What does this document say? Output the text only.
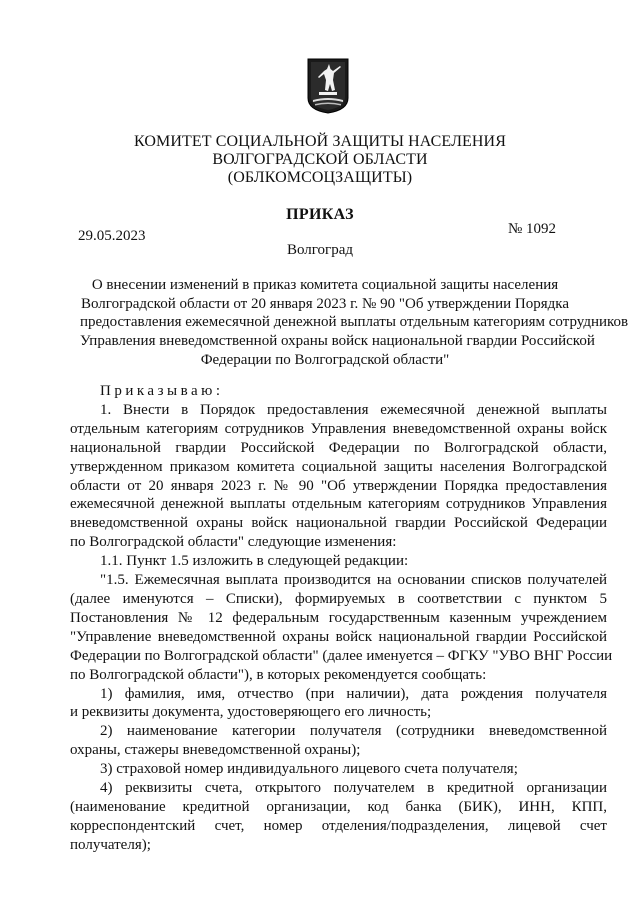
КОМИТЕТ СОЦИАЛЬНОЙ ЗАЩИТЫ НАСЕЛЕНИЯ
ВОЛГОГРАДСКОЙ ОБЛАСТИ
(ОБЛКОМСОЦЗАЩИТЫ)
ПРИКАЗ
29.05.2023	№ 1092
Волгоград
О внесении изменений в приказ комитета социальной защиты населения
Волгоградской области от 20 января 2023 г. № 90 "Об утверждении Порядка
предоставления ежемесячной денежной выплаты отдельным категориям сотрудников
Управления вневедомственной охраны войск национальной гвардии Российской
Федерации по Волгоградской области"
Приказываю:
1. Внести в Порядок предоставления ежемесячной денежной выплаты
отдельным категориям сотрудников Управления вневедомственной охраны войск
национальной гвардии Российской Федерации по Волгоградской области,
утвержденном приказом комитета социальной защиты населения Волгоградской
области от 20 января 2023 г. № 90 "Об утверждении Порядка предоставления
ежемесячной денежной выплаты отдельным категориям сотрудников Управления
вневедомственной охраны войск национальной гвардии Российской Федерации
по Волгоградской области" следующие изменения:
1.1. Пункт 1.5 изложить в следующей редакции:
"1.5. Ежемесячная выплата производится на основании списков получателей
(далее именуются – Списки), формируемых в соответствии с пунктом 5
Постановления № 12 федеральным государственным казенным учреждением
"Управление вневедомственной охраны войск национальной гвардии Российской
Федерации по Волгоградской области" (далее именуется – ФГКУ "УВО ВНГ России
по Волгоградской области"), в которых рекомендуется сообщать:
1) фамилия, имя, отчество (при наличии), дата рождения получателя
и реквизиты документа, удостоверяющего его личность;
2) наименование категории получателя (сотрудники вневедомственной
охраны, стажеры вневедомственной охраны);
3) страховой номер индивидуального лицевого счета получателя;
4) реквизиты счета, открытого получателем в кредитной организации
(наименование кредитной организации, код банка (БИК), ИНН, КПП,
корреспондентский счет, номер отделения/подразделения, лицевой счет
получателя);
